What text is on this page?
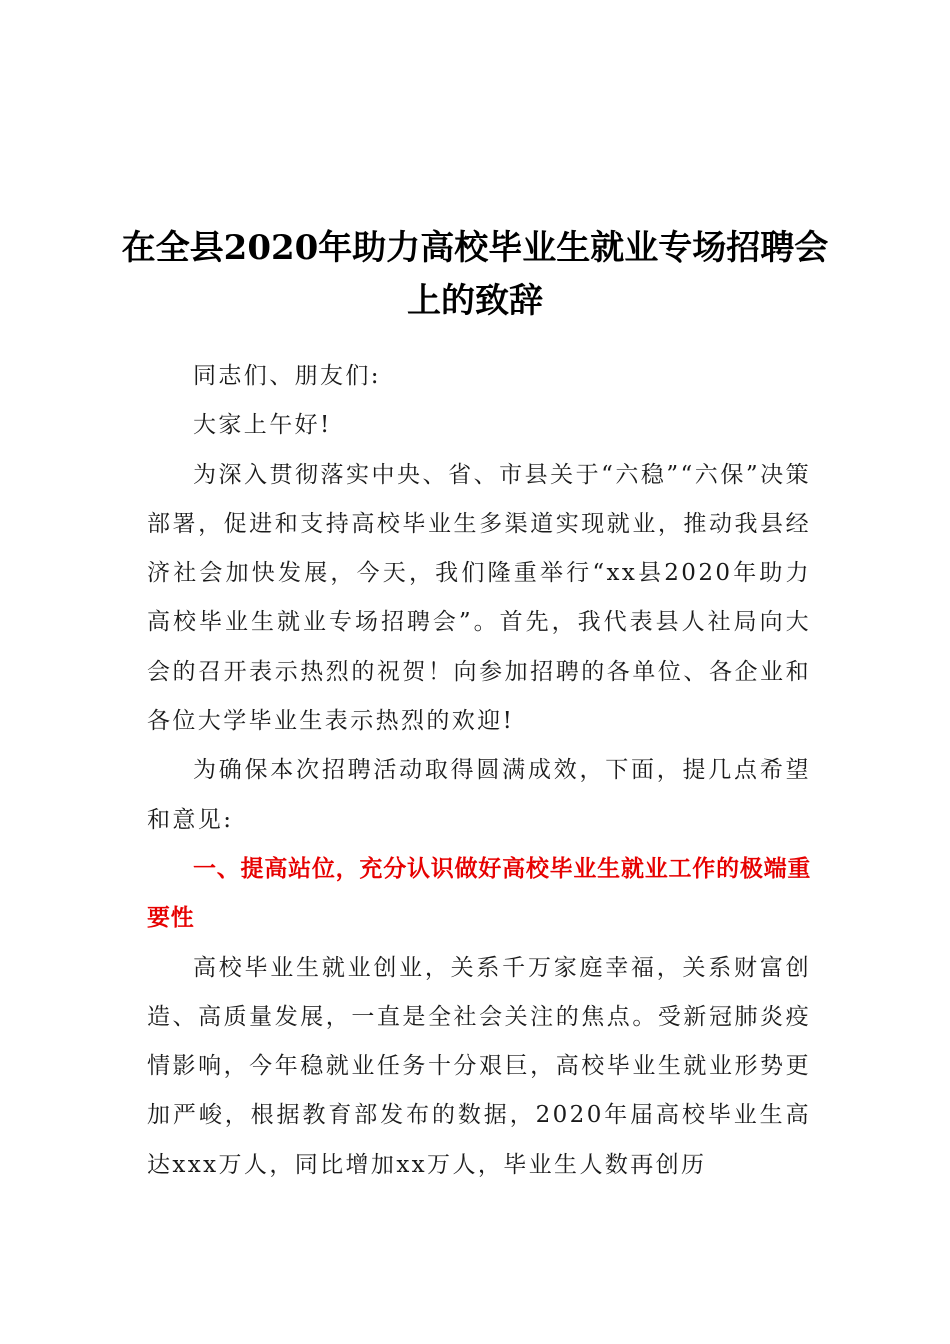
在全县2020年助力高校毕业生就业专场招聘会上的致辞

同志们、朋友们:

大家上午好!

为深入贯彻落实中央、省、市县关于“六稳”“六保”决策部署，促进和支持高校毕业生多渠道实现就业，推动我县经济社会加快发展，今天，我们隆重举行“xx县2020年助力高校毕业生就业专场招聘会”。首先，我代表县人社局向大会的召开表示热烈的祝贺！向参加招聘的各单位、各企业和各位大学毕业生表示热烈的欢迎!

为确保本次招聘活动取得圆满成效，下面，提几点希望和意见:

一、提高站位，充分认识做好高校毕业生就业工作的极端重要性

高校毕业生就业创业，关系千万家庭幸福，关系财富创造、高质量发展，一直是全社会关注的焦点。受新冠肺炎疫情影响，今年稳就业任务十分艰巨，高校毕业生就业形势更加严峻，根据教育部发布的数据，2020年届高校毕业生高达xxx万人，同比增加xx万人，毕业生人数再创历
